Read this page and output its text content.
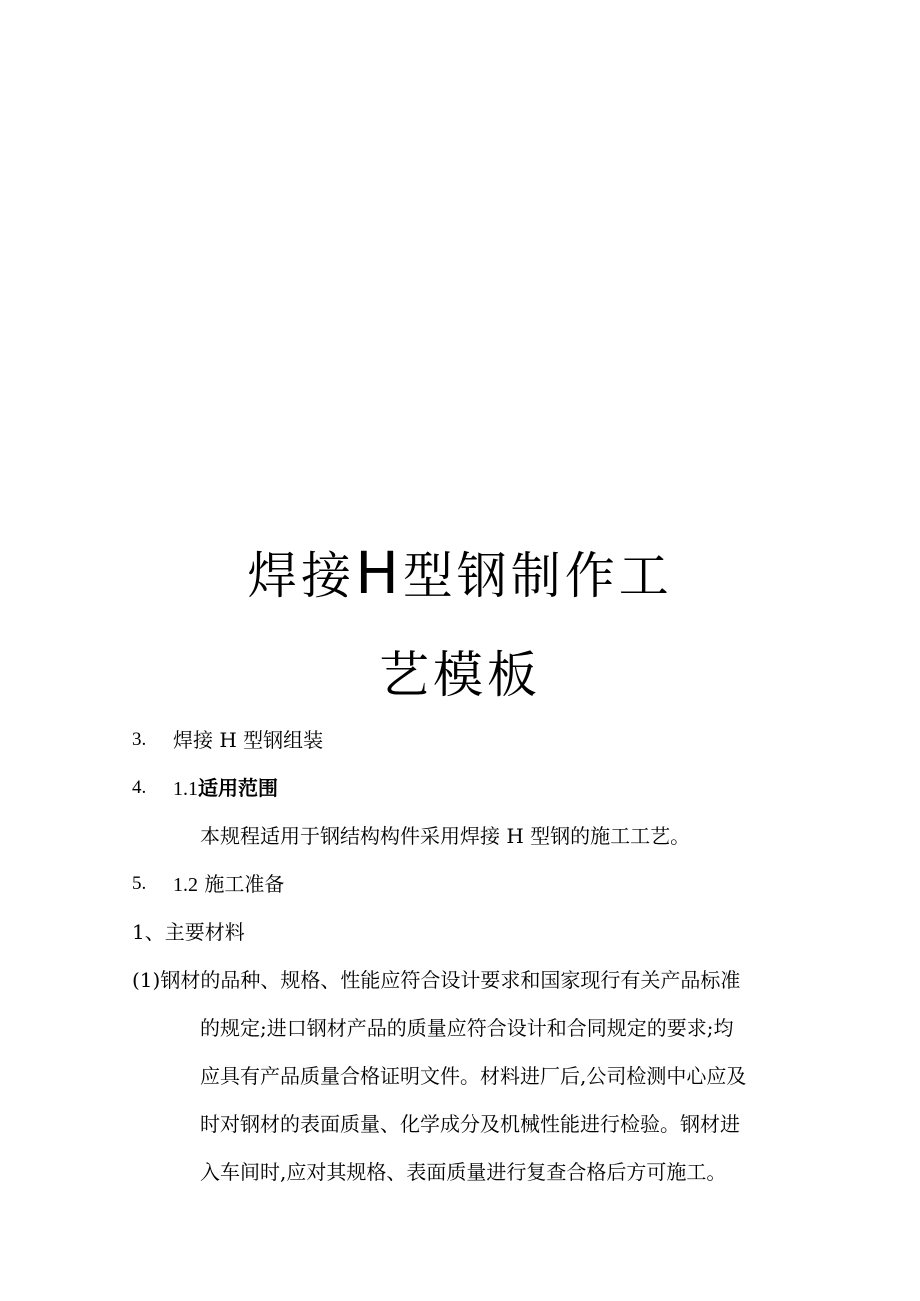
焊接H型钢制作工
艺模板
3. 焊接 H 型钢组装
4. 1.1适用范围
本规程适用于钢结构构件采用焊接 H 型钢的施工工艺。
5. 1.2 施工准备
1、主要材料
(1)钢材的品种、规格、性能应符合设计要求和国家现行有关产品标准
的规定;进口钢材产品的质量应符合设计和合同规定的要求;均
应具有产品质量合格证明文件。材料进厂后,公司检测中心应及
时对钢材的表面质量、化学成分及机械性能进行检验。钢材进
入车间时,应对其规格、表面质量进行复查合格后方可施工。
